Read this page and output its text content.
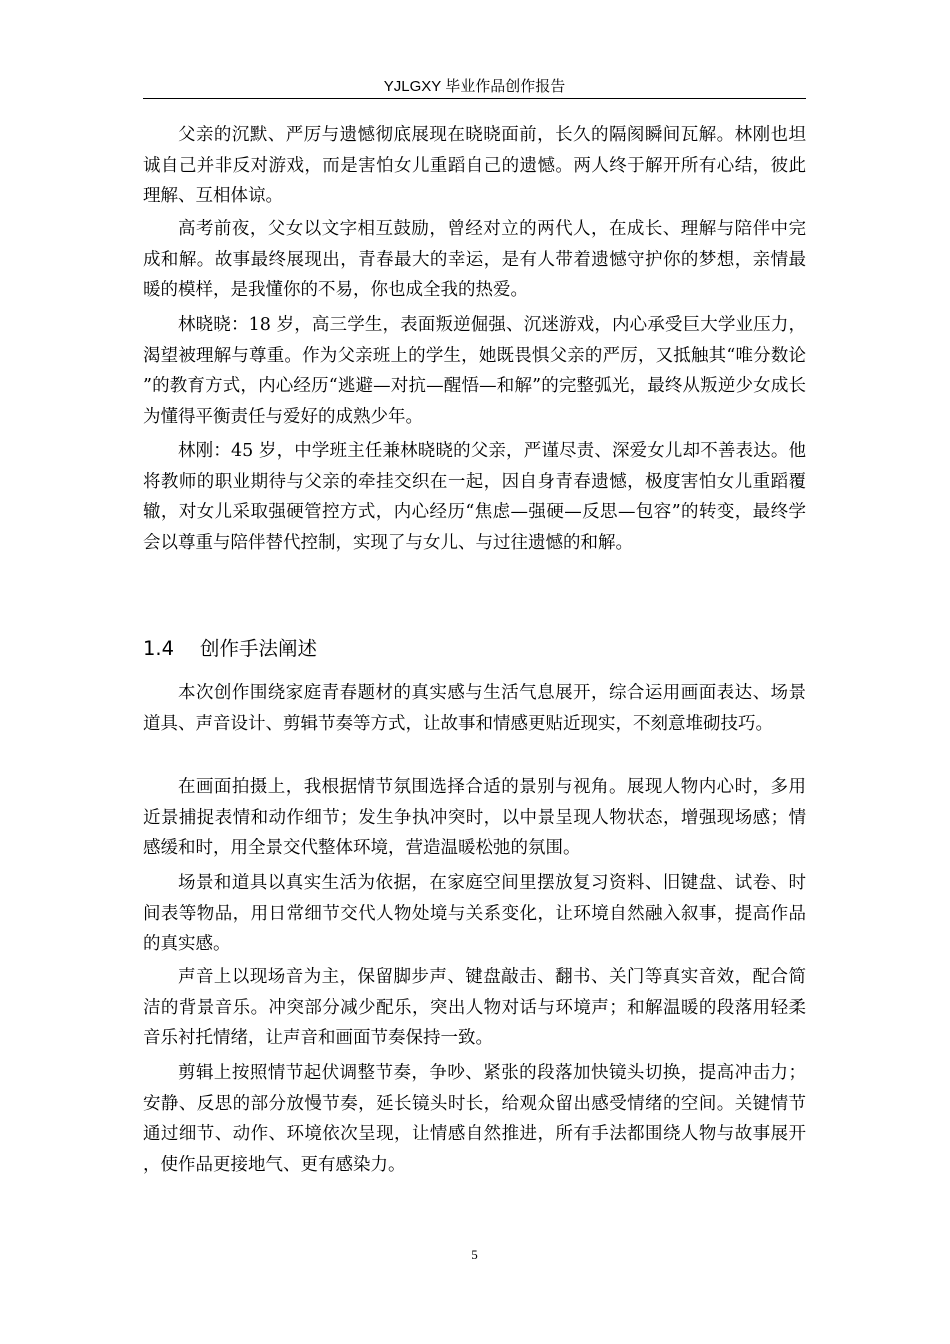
YJLGXY 毕业作品创作报告

父亲的沉默、严厉与遗憾彻底展现在晓晓面前，长久的隔阂瞬间瓦解。林刚也坦诚自己并非反对游戏，而是害怕女儿重蹈自己的遗憾。两人终于解开所有心结，彼此理解、互相体谅。

高考前夜，父女以文字相互鼓励，曾经对立的两代人，在成长、理解与陪伴中完成和解。故事最终展现出，青春最大的幸运，是有人带着遗憾守护你的梦想，亲情最暖的模样，是我懂你的不易，你也成全我的热爱。

林晓晓：18 岁，高三学生，表面叛逆倔强、沉迷游戏，内心承受巨大学业压力，渴望被理解与尊重。作为父亲班上的学生，她既畏惧父亲的严厉，又抵触其“唯分数论”的教育方式，内心经历“逃避—对抗—醒悟—和解”的完整弧光，最终从叛逆少女成长为懂得平衡责任与爱好的成熟少年。

林刚：45 岁，中学班主任兼林晓晓的父亲，严谨尽责、深爱女儿却不善表达。他将教师的职业期待与父亲的牵挂交织在一起，因自身青春遗憾，极度害怕女儿重蹈覆辙，对女儿采取强硬管控方式，内心经历“焦虑—强硬—反思—包容”的转变，最终学会以尊重与陪伴替代控制，实现了与女儿、与过往遗憾的和解。

1.4 创作手法阐述

本次创作围绕家庭青春题材的真实感与生活气息展开，综合运用画面表达、场景道具、声音设计、剪辑节奏等方式，让故事和情感更贴近现实，不刻意堆砌技巧。

在画面拍摄上，我根据情节氛围选择合适的景别与视角。展现人物内心时，多用近景捕捉表情和动作细节；发生争执冲突时，以中景呈现人物状态，增强现场感；情感缓和时，用全景交代整体环境，营造温暖松弛的氛围。

场景和道具以真实生活为依据，在家庭空间里摆放复习资料、旧键盘、试卷、时间表等物品，用日常细节交代人物处境与关系变化，让环境自然融入叙事，提高作品的真实感。

声音上以现场音为主，保留脚步声、键盘敲击、翻书、关门等真实音效，配合简洁的背景音乐。冲突部分减少配乐，突出人物对话与环境声；和解温暖的段落用轻柔音乐衬托情绪，让声音和画面节奏保持一致。

剪辑上按照情节起伏调整节奏，争吵、紧张的段落加快镜头切换，提高冲击力；安静、反思的部分放慢节奏，延长镜头时长，给观众留出感受情绪的空间。关键情节通过细节、动作、环境依次呈现，让情感自然推进，所有手法都围绕人物与故事展开，使作品更接地气、更有感染力。

5
